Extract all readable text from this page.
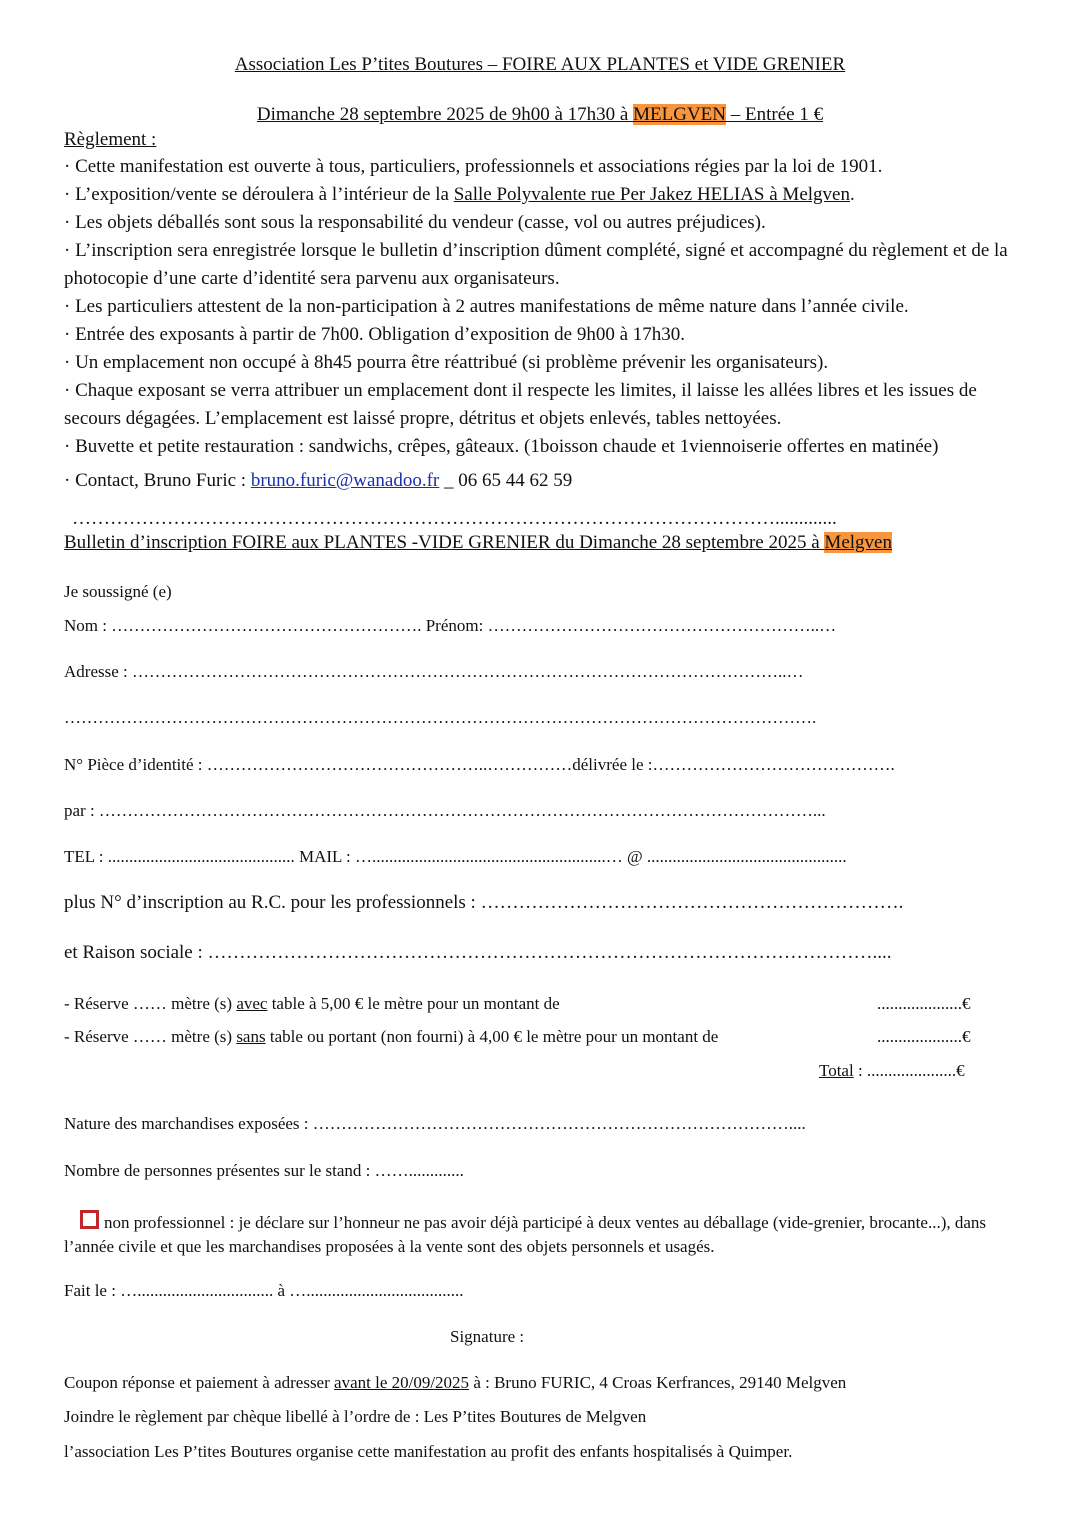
Association Les P’tites Boutures – FOIRE AUX PLANTES et VIDE GRENIER
Dimanche 28 septembre 2025 de 9h00 à 17h30 à MELGVEN – Entrée 1 €
Règlement :
· Cette manifestation est ouverte à tous, particuliers, professionnels et associations régies par la loi de 1901.
· L’exposition/vente se déroulera à l’intérieur de la Salle Polyvalente rue Per Jakez HELIAS à Melgven.
· Les objets déballés sont sous la responsabilité du vendeur (casse, vol ou autres préjudices).
· L’inscription sera enregistrée lorsque le bulletin d’inscription dûment complété, signé et accompagné du règlement et de la photocopie d’une carte d’identité sera parvenu aux organisateurs.
· Les particuliers attestent de la non-participation à 2 autres manifestations de même nature dans l’année civile.
· Entrée des exposants à partir de 7h00. Obligation d’exposition de 9h00 à 17h30.
· Un emplacement non occupé à 8h45 pourra être réattribué (si problème prévenir les organisateurs).
· Chaque exposant se verra attribuer un emplacement dont il respecte les limites, il laisse les allées libres et les issues de secours dégagées. L’emplacement est laissé propre, détritus et objets enlevés, tables nettoyées.
· Buvette et petite restauration : sandwichs, crêpes, gâteaux. (1boisson chaude et 1viennoiserie offertes en matinée)
· Contact, Bruno Furic : bruno.furic@wanadoo.fr _ 06 65 44 62 59
………………………………………………………………………………………………….............
Bulletin d’inscription FOIRE aux PLANTES -VIDE GRENIER du Dimanche 28 septembre 2025 à Melgven
Je soussigné (e)
Nom : ………………………………………………. Prénom: …………………………………………………..…
Adresse : ……………………………………………………………………………………………………..…
…………………………………………………………………………………………………………………….
N° Pièce d’identité : …………………………………………..……………délivrée le :…………………………………….
par : ………………………………………………………………………………………………………………...
TEL : ............................................ MAIL : ….......................................................… @ ...............................................
plus N° d’inscription au R.C. pour les professionnels : ………………………………………………………….
et Raison sociale : ……………………………………………………………………………………………....
- Réserve …… mètre (s) avec table à 5,00 € le mètre pour un montant de	....................€
- Réserve …… mètre (s) sans table ou portant (non fourni) à 4,00 € le mètre pour un montant de	....................€
Total : .....................€
Nature des marchandises exposées : …………………………………………………………………………....
Nombre de personnes présentes sur le stand : …….............
non professionnel : je déclare sur l’honneur ne pas avoir déjà participé à deux ventes au déballage (vide-grenier, brocante...), dans l’année civile et que les marchandises proposées à la vente sont des objets personnels et usagés.
Fait le : …................................ à ….....................................
Signature :
Coupon réponse et paiement à adresser avant le 20/09/2025 à : Bruno FURIC, 4 Croas Kerfrances, 29140 Melgven
Joindre le règlement par chèque libellé à l’ordre de : Les P’tites Boutures de Melgven
l’association Les P’tites Boutures organise cette manifestation au profit des enfants hospitalisés à Quimper.
